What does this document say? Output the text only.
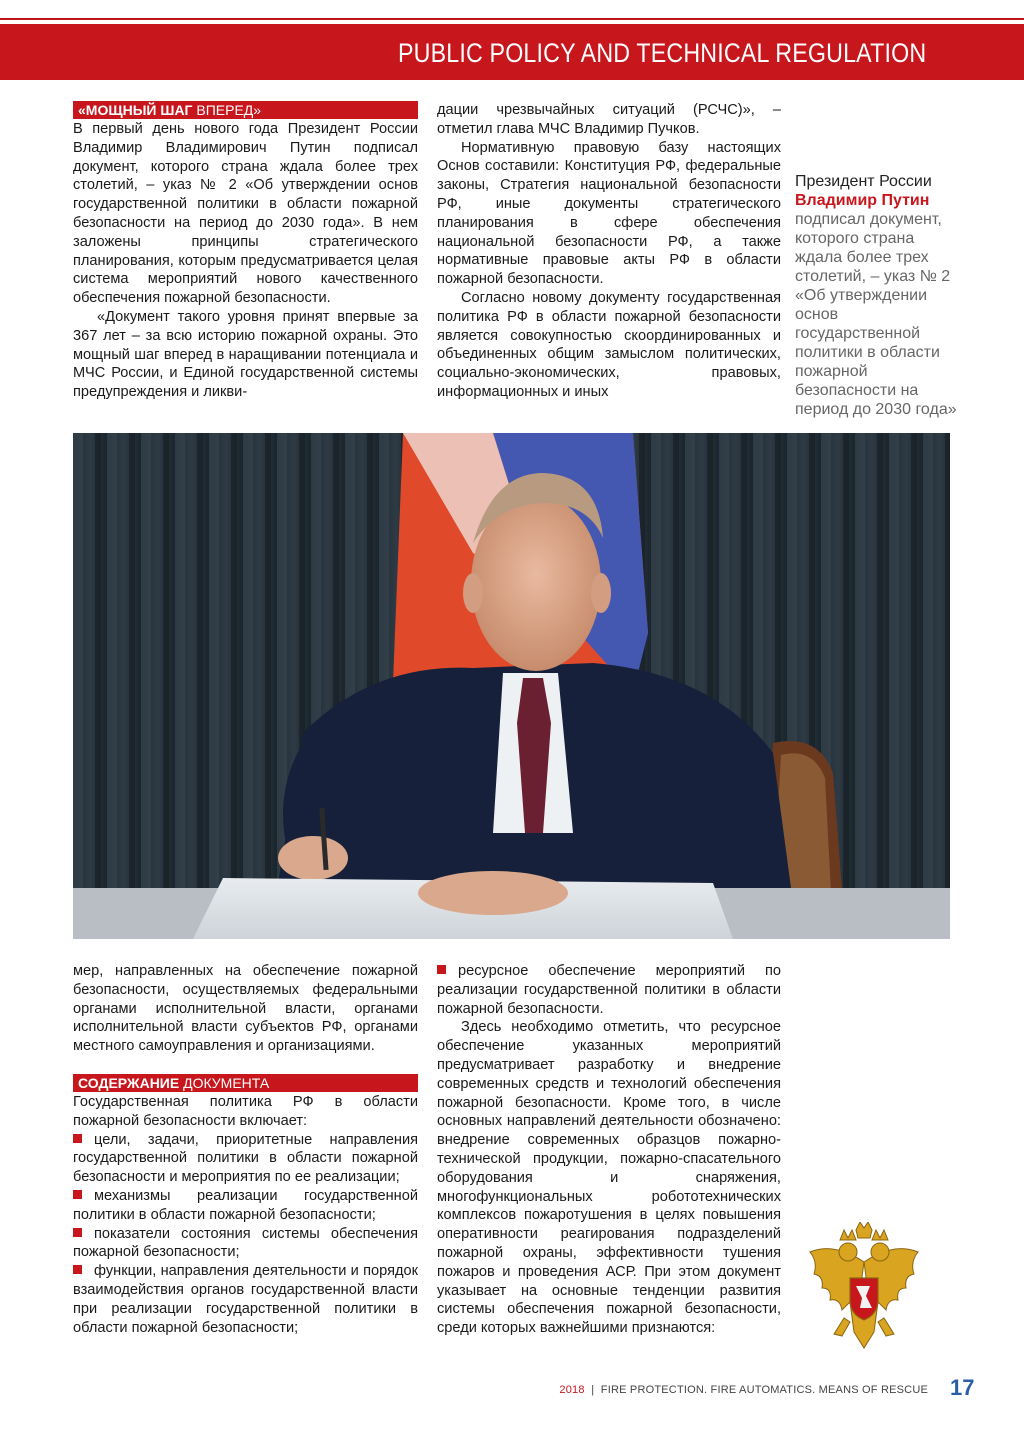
PUBLIC POLICY AND TECHNICAL REGULATION
«МОЩНЫЙ ШАГ ВПЕРЕД»

В первый день нового года Президент России Владимир Владимирович Путин подписал документ, которого страна ждала более трех столетий, – указ № 2 «Об утверждении основ государственной политики в области пожарной безопасности на период до 2030 года». В нем заложены принципы стратегического планирования, которым предусматривается целая система мероприятий нового качественного обеспечения пожарной безопасности.

«Документ такого уровня принят впервые за 367 лет – за всю историю пожарной охраны. Это мощный шаг вперед в наращивании потенциала и МЧС России, и Единой государственной системы предупреждения и ликви-

дации чрезвычайных ситуаций (РСЧС)», – отметил глава МЧС Владимир Пучков.

Нормативную правовую базу настоящих Основ составили: Конституция РФ, федеральные законы, Стратегия национальной безопасности РФ, иные документы стратегического планирования в сфере обеспечения национальной безопасности РФ, а также нормативные правовые акты РФ в области пожарной безопасности.

Согласно новому документу государственная политика РФ в области пожарной безопасности является совокупностью скоординированных и объединенных общим замыслом политических, социально-экономических, правовых, информационных и иных

Президент России
Владимир Путин
подписал документ, которого страна ждала более трех столетий, – указ № 2 «Об утверждении основ государственной политики в области пожарной безопасности на период до 2030 года»

мер, направленных на обеспечение пожарной безопасности, осуществляемых федеральными органами исполнительной власти, органами исполнительной власти субъектов РФ, органами местного самоуправления и организациями.

СОДЕРЖАНИЕ ДОКУМЕНТА

Государственная политика РФ в области пожарной безопасности включает:

цели, задачи, приоритетные направления государственной политики в области пожарной безопасности и мероприятия по ее реализации;

механизмы реализации государственной политики в области пожарной безопасности;

показатели состояния системы обеспечения пожарной безопасности;

функции, направления деятельности и порядок взаимодействия органов государственной власти при реализации государственной политики в области пожарной безопасности;

ресурсное обеспечение мероприятий по реализации государственной политики в области пожарной безопасности.

Здесь необходимо отметить, что ресурсное обеспечение указанных мероприятий предусматривает разработку и внедрение современных средств и технологий обеспечения пожарной безопасности. Кроме того, в числе основных направлений деятельности обозначено: внедрение современных образцов пожарно-технической продукции, пожарно-спасательного оборудования и снаряжения, многофункциональных робототехнических комплексов пожаротушения в целях повышения оперативности реагирования подразделений пожарной охраны, эффективности тушения пожаров и проведения АСР. При этом документ указывает на основные тенденции развития системы обеспечения пожарной безопасности, среди которых важнейшими признаются:

2018 | FIRE PROTECTION. FIRE AUTOMATICS. MEANS OF RESCUE 17
